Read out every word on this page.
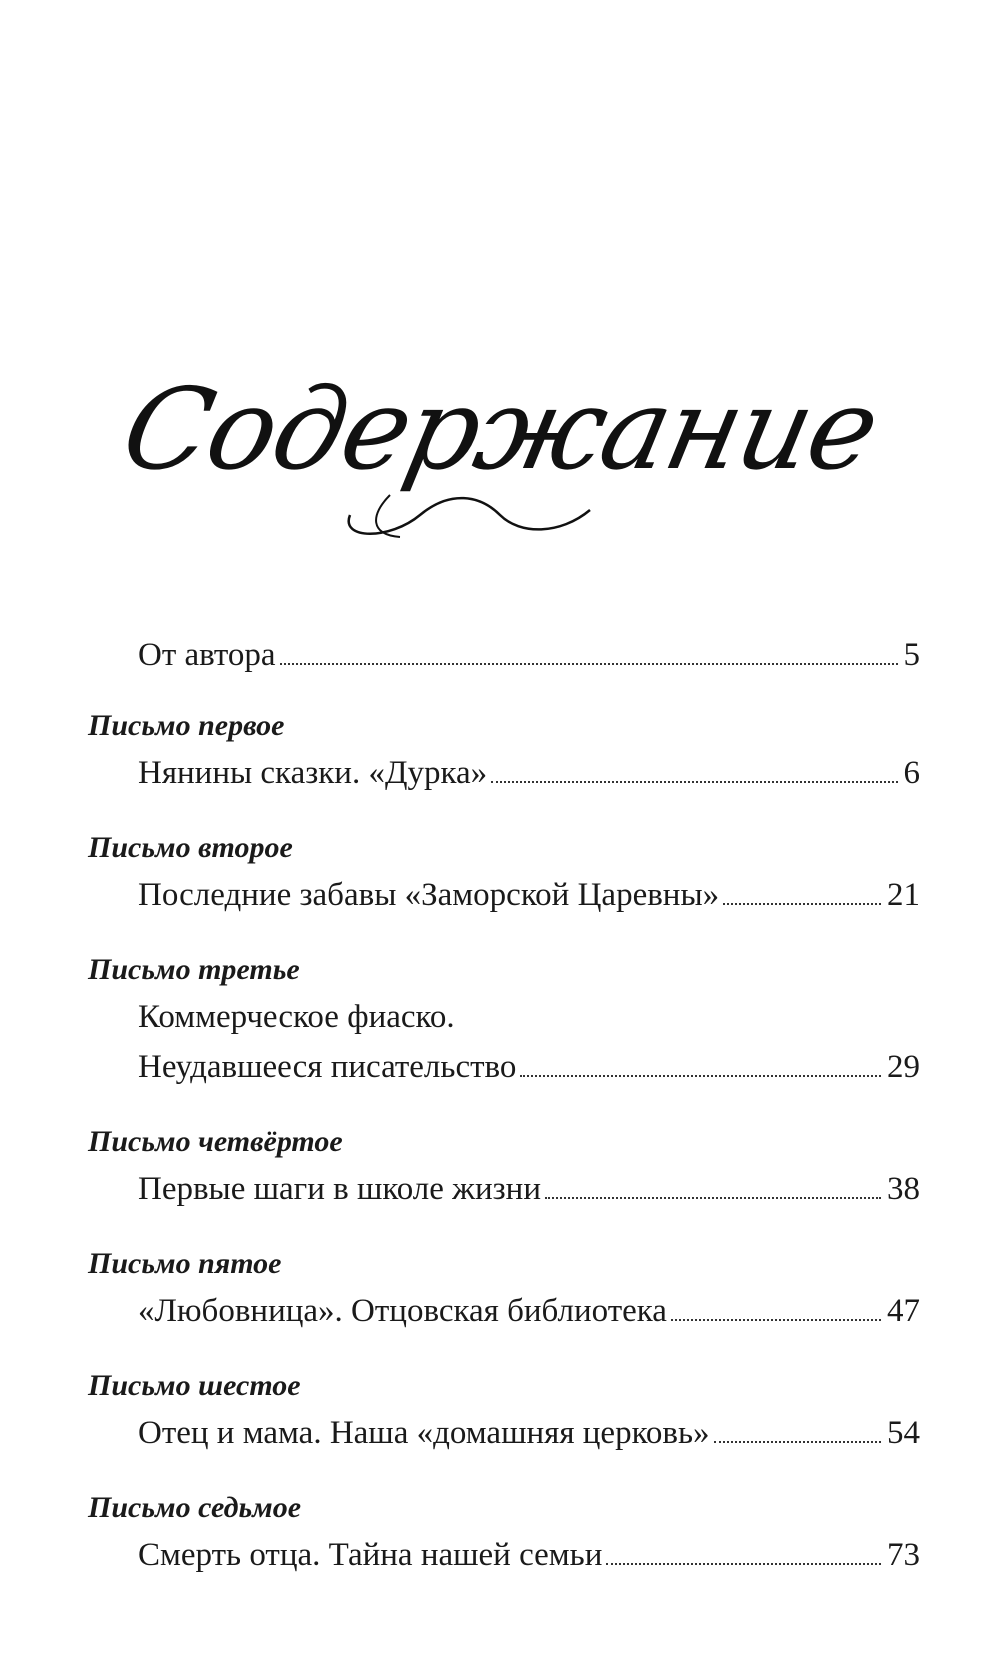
Содержание
От автора	5
Письмо первое
Нянины сказки. «Дурка»	6
Письмо второе
Последние забавы «Заморской Царевны»	21
Письмо третье
Коммерческое фиаско.
Неудавшееся писательство	29
Письмо четвёртое
Первые шаги в школе жизни	38
Письмо пятое
«Любовница». Отцовская библиотека	47
Письмо шестое
Отец и мама. Наша «домашняя церковь»	54
Письмо седьмое
Смерть отца. Тайна нашей семьи	73
